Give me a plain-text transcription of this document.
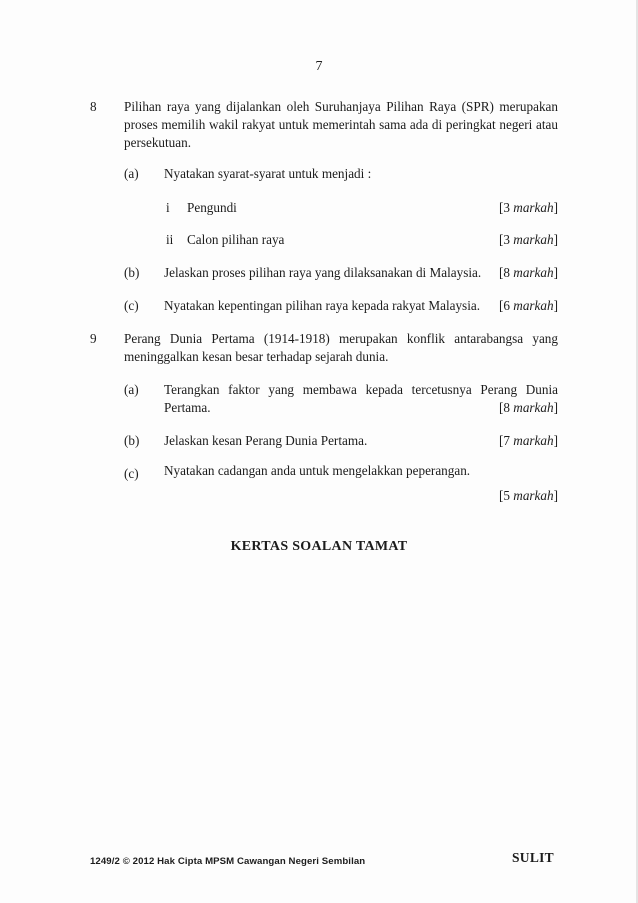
7
8 Pilihan raya yang dijalankan oleh Suruhanjaya Pilihan Raya (SPR) merupakan
proses memilih wakil rakyat untuk memerintah sama ada di peringkat negeri atau
persekutuan.
(a) Nyatakan syarat-syarat untuk menjadi :
i Pengundi	[3 markah]
ii Calon pilihan raya	[3 markah]
(b) Jelaskan proses pilihan raya yang dilaksanakan di Malaysia. [8 markah]
(c) Nyatakan kepentingan pilihan raya kepada rakyat Malaysia. [6 markah]
9 Perang Dunia Pertama (1914-1918) merupakan konflik antarabangsa yang
meninggalkan kesan besar terhadap sejarah dunia.
(a) Terangkan faktor yang membawa kepada tercetusnya Perang Dunia
Pertama.	[8 markah]
(b) Jelaskan kesan Perang Dunia Pertama.	[7 markah]
(c) Nyatakan cadangan anda untuk mengelakkan peperangan.
[5 markah]
KERTAS SOALAN TAMAT
1249/2 © 2012 Hak Cipta MPSM Cawangan Negeri Sembilan	SULIT
